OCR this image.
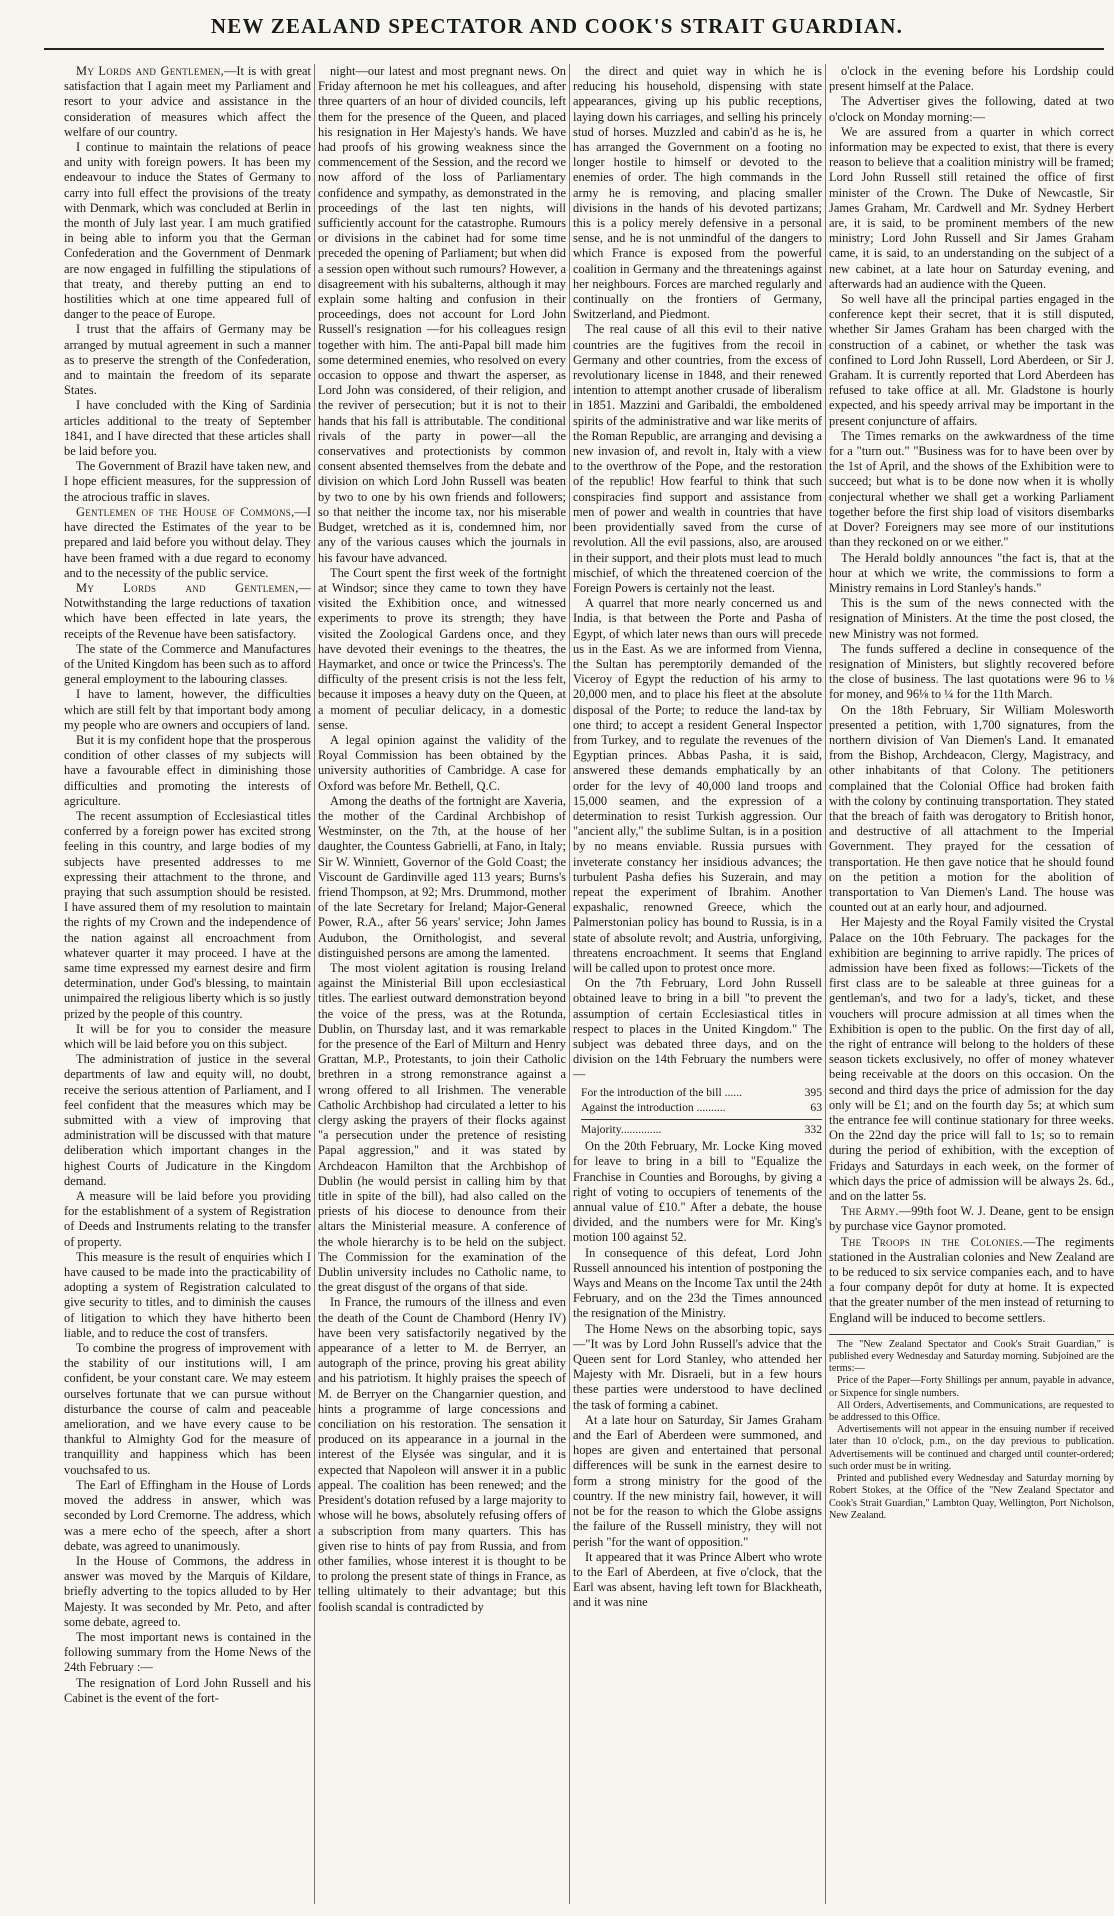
NEW ZEALAND SPECTATOR AND COOK'S STRAIT GUARDIAN.

My Lords and Gentlemen,—It is with great satisfaction that I again meet my Parliament and resort to your advice and assistance in the consideration of measures which affect the welfare of our country.

I continue to maintain the relations of peace and unity with foreign powers. It has been my endeavour to induce the States of Germany to carry into full effect the provisions of the treaty with Denmark, which was concluded at Berlin in the month of July last year. I am much gratified in being able to inform you that the German Confederation and the Government of Denmark are now engaged in fulfilling the stipulations of that treaty, and thereby putting an end to hostilities which at one time appeared full of danger to the peace of Europe.

I trust that the affairs of Germany may be arranged by mutual agreement in such a manner as to preserve the strength of the Confederation, and to maintain the freedom of its separate States.

I have concluded with the King of Sardinia articles additional to the treaty of September 1841, and I have directed that these articles shall be laid before you.

The Government of Brazil have taken new, and I hope efficient measures, for the suppression of the atrocious traffic in slaves.

Gentlemen of the House of Commons,—I have directed the Estimates of the year to be prepared and laid before you without delay. They have been framed with a due regard to economy and to the necessity of the public service.

My Lords and Gentlemen,—Notwithstanding the large reductions of taxation which have been effected in late years, the receipts of the Revenue have been satisfactory.

The state of the Commerce and Manufactures of the United Kingdom has been such as to afford general employment to the labouring classes.

I have to lament, however, the difficulties which are still felt by that important body among my people who are owners and occupiers of land.

But it is my confident hope that the prosperous condition of other classes of my subjects will have a favourable effect in diminishing those difficulties and promoting the interests of agriculture.

The recent assumption of Ecclesiastical titles conferred by a foreign power has excited strong feeling in this country, and large bodies of my subjects have presented addresses to me expressing their attachment to the throne, and praying that such assumption should be resisted. I have assured them of my resolution to maintain the rights of my Crown and the independence of the nation against all encroachment from whatever quarter it may proceed. I have at the same time expressed my earnest desire and firm determination, under God's blessing, to maintain unimpaired the religious liberty which is so justly prized by the people of this country.

It will be for you to consider the measure which will be laid before you on this subject.

The administration of justice in the several departments of law and equity will, no doubt, receive the serious attention of Parliament, and I feel confident that the measures which may be submitted with a view of improving that administration will be discussed with that mature deliberation which important changes in the highest Courts of Judicature in the Kingdom demand.

A measure will be laid before you providing for the establishment of a system of Registration of Deeds and Instruments relating to the transfer of property.

This measure is the result of enquiries which I have caused to be made into the practicability of adopting a system of Registration calculated to give security to titles, and to diminish the causes of litigation to which they have hitherto been liable, and to reduce the cost of transfers.

To combine the progress of improvement with the stability of our institutions will, I am confident, be your constant care. We may esteem ourselves fortunate that we can pursue without disturbance the course of calm and peaceable amelioration, and we have every cause to be thankful to Almighty God for the measure of tranquillity and happiness which has been vouchsafed to us.

The Earl of Effingham in the House of Lords moved the address in answer, which was seconded by Lord Cremorne. The address, which was a mere echo of the speech, after a short debate, was agreed to unanimously.

In the House of Commons, the address in answer was moved by the Marquis of Kildare, briefly adverting to the topics alluded to by Her Majesty. It was seconded by Mr. Peto, and after some debate, agreed to.

The most important news is contained in the following summary from the Home News of the 24th February :—

The resignation of Lord John Russell and his Cabinet is the event of the fort-

night—our latest and most pregnant news. On Friday afternoon he met his colleagues, and after three quarters of an hour of divided councils, left them for the presence of the Queen, and placed his resignation in Her Majesty's hands. We have had proofs of his growing weakness since the commencement of the Session, and the record we now afford of the loss of Parliamentary confidence and sympathy, as demonstrated in the proceedings of the last ten nights, will sufficiently account for the catastrophe. Rumours or divisions in the cabinet had for some time preceded the opening of Parliament; but when did a session open without such rumours? However, a disagreement with his subalterns, although it may explain some halting and confusion in their proceedings, does not account for Lord John Russell's resignation —for his colleagues resign together with him. The anti-Papal bill made him some determined enemies, who resolved on every occasion to oppose and thwart the asperser, as Lord John was considered, of their religion, and the reviver of persecution; but it is not to their hands that his fall is attributable. The conditional rivals of the party in power—all the conservatives and protectionists by common consent absented themselves from the debate and division on which Lord John Russell was beaten by two to one by his own friends and followers; so that neither the income tax, nor his miserable Budget, wretched as it is, condemned him, nor any of the various causes which the journals in his favour have advanced.

The Court spent the first week of the fortnight at Windsor; since they came to town they have visited the Exhibition once, and witnessed experiments to prove its strength; they have visited the Zoological Gardens once, and they have devoted their evenings to the theatres, the Haymarket, and once or twice the Princess's. The difficulty of the present crisis is not the less felt, because it imposes a heavy duty on the Queen, at a moment of peculiar delicacy, in a domestic sense.

A legal opinion against the validity of the Royal Commission has been obtained by the university authorities of Cambridge. A case for Oxford was before Mr. Bethell, Q.C.

Among the deaths of the fortnight are Xaveria, the mother of the Cardinal Archbishop of Westminster, on the 7th, at the house of her daughter, the Countess Gabrielli, at Fano, in Italy; Sir W. Winniett, Governor of the Gold Coast; the Viscount de Gardinville aged 113 years; Burns's friend Thompson, at 92; Mrs. Drummond, mother of the late Secretary for Ireland; Major-General Power, R.A., after 56 years' service; John James Audubon, the Ornithologist, and several distinguished persons are among the lamented.

The most violent agitation is rousing Ireland against the Ministerial Bill upon ecclesiastical titles. The earliest outward demonstration beyond the voice of the press, was at the Rotunda, Dublin, on Thursday last, and it was remarkable for the presence of the Earl of Milturn and Henry Grattan, M.P., Protestants, to join their Catholic brethren in a strong remonstrance against a wrong offered to all Irishmen. The venerable Catholic Archbishop had circulated a letter to his clergy asking the prayers of their flocks against "a persecution under the pretence of resisting Papal aggression," and it was stated by Archdeacon Hamilton that the Archbishop of Dublin (he would persist in calling him by that title in spite of the bill), had also called on the priests of his diocese to denounce from their altars the Ministerial measure. A conference of the whole hierarchy is to be held on the subject. The Commission for the examination of the Dublin university includes no Catholic name, to the great disgust of the organs of that side.

In France, the rumours of the illness and even the death of the Count de Chambord (Henry IV) have been very satisfactorily negatived by the appearance of a letter to M. de Berryer, an autograph of the prince, proving his great ability and his patriotism. It highly praises the speech of M. de Berryer on the Changarnier question, and hints a programme of large concessions and conciliation on his restoration. The sensation it produced on its appearance in a journal in the interest of the Elysée was singular, and it is expected that Napoleon will answer it in a public appeal. The coalition has been renewed; and the President's dotation refused by a large majority to whose will he bows, absolutely refusing offers of a subscription from many quarters. This has given rise to hints of pay from Russia, and from other families, whose interest it is thought to be to prolong the present state of things in France, as telling ultimately to their advantage; but this foolish scandal is contradicted by

the direct and quiet way in which he is reducing his household, dispensing with state appearances, giving up his public receptions, laying down his carriages, and selling his princely stud of horses. Muzzled and cabin'd as he is, he has arranged the Government on a footing no longer hostile to himself or devoted to the enemies of order. The high commands in the army he is removing, and placing smaller divisions in the hands of his devoted partizans; this is a policy merely defensive in a personal sense, and he is not unmindful of the dangers to which France is exposed from the powerful coalition in Germany and the threatenings against her neighbours. Forces are marched regularly and continually on the frontiers of Germany, Switzerland, and Piedmont.

The real cause of all this evil to their native countries are the fugitives from the recoil in Germany and other countries, from the excess of revolutionary license in 1848, and their renewed intention to attempt another crusade of liberalism in 1851. Mazzini and Garibaldi, the emboldened spirits of the administrative and war like merits of the Roman Republic, are arranging and devising a new invasion of, and revolt in, Italy with a view to the overthrow of the Pope, and the restoration of the republic! How fearful to think that such conspiracies find support and assistance from men of power and wealth in countries that have been providentially saved from the curse of revolution. All the evil passions, also, are aroused in their support, and their plots must lead to much mischief, of which the threatened coercion of the Foreign Powers is certainly not the least.

A quarrel that more nearly concerned us and India, is that between the Porte and Pasha of Egypt, of which later news than ours will precede us in the East. As we are informed from Vienna, the Sultan has peremptorily demanded of the Viceroy of Egypt the reduction of his army to 20,000 men, and to place his fleet at the absolute disposal of the Porte; to reduce the land-tax by one third; to accept a resident General Inspector from Turkey, and to regulate the revenues of the Egyptian princes. Abbas Pasha, it is said, answered these demands emphatically by an order for the levy of 40,000 land troops and 15,000 seamen, and the expression of a determination to resist Turkish aggression. Our "ancient ally," the sublime Sultan, is in a position by no means enviable. Russia pursues with inveterate constancy her insidious advances; the turbulent Pasha defies his Suzerain, and may repeat the experiment of Ibrahim. Another expashalic, renowned Greece, which the Palmerstonian policy has bound to Russia, is in a state of absolute revolt; and Austria, unforgiving, threatens encroachment. It seems that England will be called upon to protest once more.

On the 7th February, Lord John Russell obtained leave to bring in a bill "to prevent the assumption of certain Ecclesiastical titles in respect to places in the United Kingdom." The subject was debated three days, and on the division on the 14th February the numbers were—

For the introduction of the bill ......	395
Against the introduction ..........	63
Majority..............	332

On the 20th February, Mr. Locke King moved for leave to bring in a bill to "Equalize the Franchise in Counties and Boroughs, by giving a right of voting to occupiers of tenements of the annual value of £10." After a debate, the house divided, and the numbers were for Mr. King's motion 100 against 52.

In consequence of this defeat, Lord John Russell announced his intention of postponing the Ways and Means on the Income Tax until the 24th February, and on the 23d the Times announced the resignation of the Ministry.

The Home News on the absorbing topic, says—"It was by Lord John Russell's advice that the Queen sent for Lord Stanley, who attended her Majesty with Mr. Disraeli, but in a few hours these parties were understood to have declined the task of forming a cabinet.

At a late hour on Saturday, Sir James Graham and the Earl of Aberdeen were summoned, and hopes are given and entertained that personal differences will be sunk in the earnest desire to form a strong ministry for the good of the country. If the new ministry fail, however, it will not be for the reason to which the Globe assigns the failure of the Russell ministry, they will not perish "for the want of opposition."

It appeared that it was Prince Albert who wrote to the Earl of Aberdeen, at five o'clock, that the Earl was absent, having left town for Blackheath, and it was nine

o'clock in the evening before his Lordship could present himself at the Palace.

The Advertiser gives the following, dated at two o'clock on Monday morning:—

We are assured from a quarter in which correct information may be expected to exist, that there is every reason to believe that a coalition ministry will be framed; Lord John Russell still retained the office of first minister of the Crown. The Duke of Newcastle, Sir James Graham, Mr. Cardwell and Mr. Sydney Herbert are, it is said, to be prominent members of the new ministry; Lord John Russell and Sir James Graham came, it is said, to an understanding on the subject of a new cabinet, at a late hour on Saturday evening, and afterwards had an audience with the Queen.

So well have all the principal parties engaged in the conference kept their secret, that it is still disputed, whether Sir James Graham has been charged with the construction of a cabinet, or whether the task was confined to Lord John Russell, Lord Aberdeen, or Sir J. Graham. It is currently reported that Lord Aberdeen has refused to take office at all. Mr. Gladstone is hourly expected, and his speedy arrival may be important in the present conjuncture of affairs.

The Times remarks on the awkwardness of the time for a "turn out." "Business was for to have been over by the 1st of April, and the shows of the Exhibition were to succeed; but what is to be done now when it is wholly conjectural whether we shall get a working Parliament together before the first ship load of visitors disembarks at Dover? Foreigners may see more of our institutions than they reckoned on or we either."

The Herald boldly announces "the fact is, that at the hour at which we write, the commissions to form a Ministry remains in Lord Stanley's hands."

This is the sum of the news connected with the resignation of Ministers. At the time the post closed, the new Ministry was not formed.

The funds suffered a decline in consequence of the resignation of Ministers, but slightly recovered before the close of business. The last quotations were 96 to ⅛ for money, and 96⅛ to ¼ for the 11th March.

On the 18th February, Sir William Molesworth presented a petition, with 1,700 signatures, from the northern division of Van Diemen's Land. It emanated from the Bishop, Archdeacon, Clergy, Magistracy, and other inhabitants of that Colony. The petitioners complained that the Colonial Office had broken faith with the colony by continuing transportation. They stated that the breach of faith was derogatory to British honor, and destructive of all attachment to the Imperial Government. They prayed for the cessation of transportation. He then gave notice that he should found on the petition a motion for the abolition of transportation to Van Diemen's Land. The house was counted out at an early hour, and adjourned.

Her Majesty and the Royal Family visited the Crystal Palace on the 10th February. The packages for the exhibition are beginning to arrive rapidly. The prices of admission have been fixed as follows:—Tickets of the first class are to be saleable at three guineas for a gentleman's, and two for a lady's, ticket, and these vouchers will procure admission at all times when the Exhibition is open to the public. On the first day of all, the right of entrance will belong to the holders of these season tickets exclusively, no offer of money whatever being receivable at the doors on this occasion. On the second and third days the price of admission for the day only will be £1; and on the fourth day 5s; at which sum the entrance fee will continue stationary for three weeks. On the 22nd day the price will fall to 1s; so to remain during the period of exhibition, with the exception of Fridays and Saturdays in each week, on the former of which days the price of admission will be always 2s. 6d., and on the latter 5s.

The Army.—99th foot W. J. Deane, gent to be ensign by purchase vice Gaynor promoted.

The Troops in the Colonies.—The regiments stationed in the Australian colonies and New Zealand are to be reduced to six service companies each, and to have a four company depôt for duty at home. It is expected that the greater number of the men instead of returning to England will be induced to become settlers.

The "New Zealand Spectator and Cook's Strait Guardian," is published every Wednesday and Saturday morning. Subjoined are the terms:—

Price of the Paper—Forty Shillings per annum, payable in advance, or Sixpence for single numbers.

All Orders, Advertisements, and Communications, are requested to be addressed to this Office.

Advertisements will not appear in the ensuing number if received later than 10 o'clock, p.m., on the day previous to publication. Advertisements will be continued and charged until counter-ordered; such order must be in writing.

Printed and published every Wednesday and Saturday morning by Robert Stokes, at the Office of the "New Zealand Spectator and Cook's Strait Guardian," Lambton Quay, Wellington, Port Nicholson, New Zealand.
